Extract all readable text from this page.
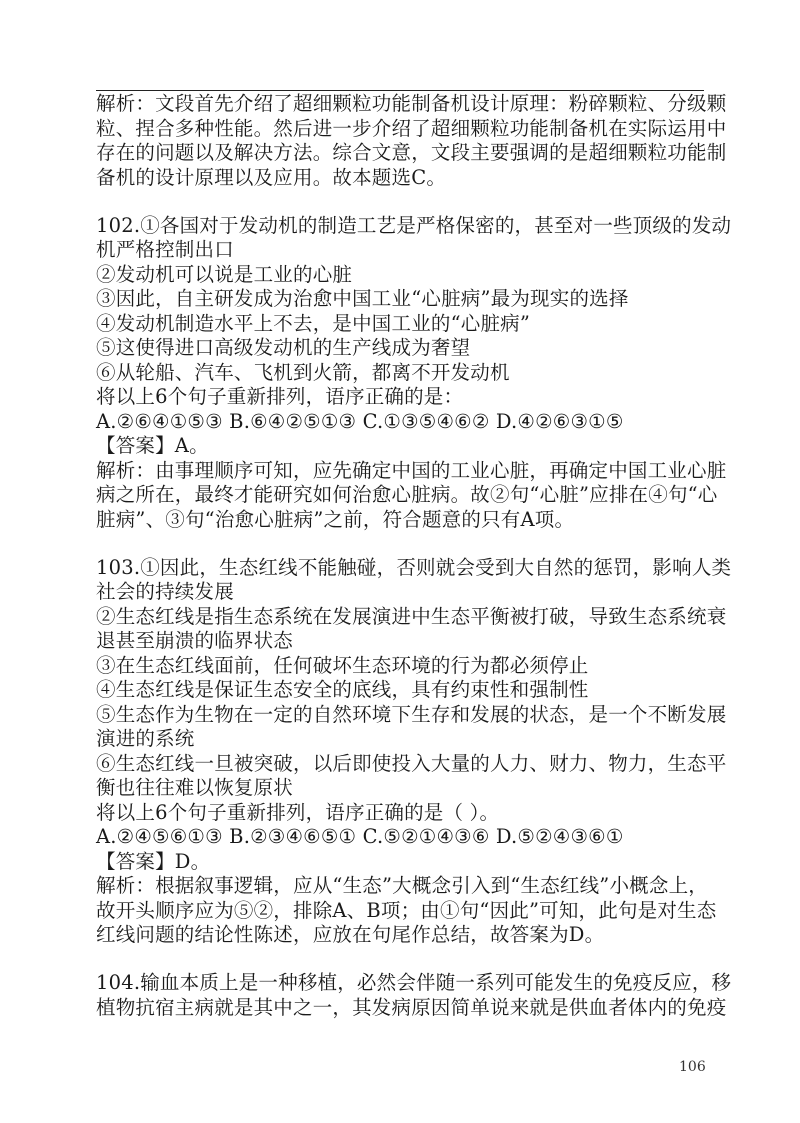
解析：文段首先介绍了超细颗粒功能制备机设计原理：粉碎颗粒、分级颗
粒、捏合多种性能。然后进一步介绍了超细颗粒功能制备机在实际运用中
存在的问题以及解决方法。综合文意，文段主要强调的是超细颗粒功能制
备机的设计原理以及应用。故本题选C。
102.①各国对于发动机的制造工艺是严格保密的，甚至对一些顶级的发动
机严格控制出口
②发动机可以说是工业的心脏
③因此，自主研发成为治愈中国工业“心脏病”最为现实的选择
④发动机制造水平上不去，是中国工业的“心脏病”
⑤这使得进口高级发动机的生产线成为奢望
⑥从轮船、汽车、飞机到火箭，都离不开发动机
将以上6个句子重新排列，语序正确的是：
A.②⑥④①⑤③ B.⑥④②⑤①③ C.①③⑤④⑥② D.④②⑥③①⑤
【答案】A。
解析：由事理顺序可知，应先确定中国的工业心脏，再确定中国工业心脏
病之所在，最终才能研究如何治愈心脏病。故②句“心脏”应排在④句“心
脏病”、③句“治愈心脏病”之前，符合题意的只有A项。
103.①因此，生态红线不能触碰，否则就会受到大自然的惩罚，影响人类
社会的持续发展
②生态红线是指生态系统在发展演进中生态平衡被打破，导致生态系统衰
退甚至崩溃的临界状态
③在生态红线面前，任何破坏生态环境的行为都必须停止
④生态红线是保证生态安全的底线，具有约束性和强制性
⑤生态作为生物在一定的自然环境下生存和发展的状态，是一个不断发展
演进的系统
⑥生态红线一旦被突破，以后即使投入大量的人力、财力、物力，生态平
衡也往往难以恢复原状
将以上6个句子重新排列，语序正确的是（ ）。
A.②④⑤⑥①③ B.②③④⑥⑤① C.⑤②①④③⑥ D.⑤②④③⑥①
【答案】D。
解析：根据叙事逻辑，应从“生态”大概念引入到“生态红线”小概念上，
故开头顺序应为⑤②，排除A、B项；由①句“因此”可知，此句是对生态
红线问题的结论性陈述，应放在句尾作总结，故答案为D。
104.输血本质上是一种移植，必然会伴随一系列可能发生的免疫反应，移
植物抗宿主病就是其中之一，其发病原因简单说来就是供血者体内的免疫
106
